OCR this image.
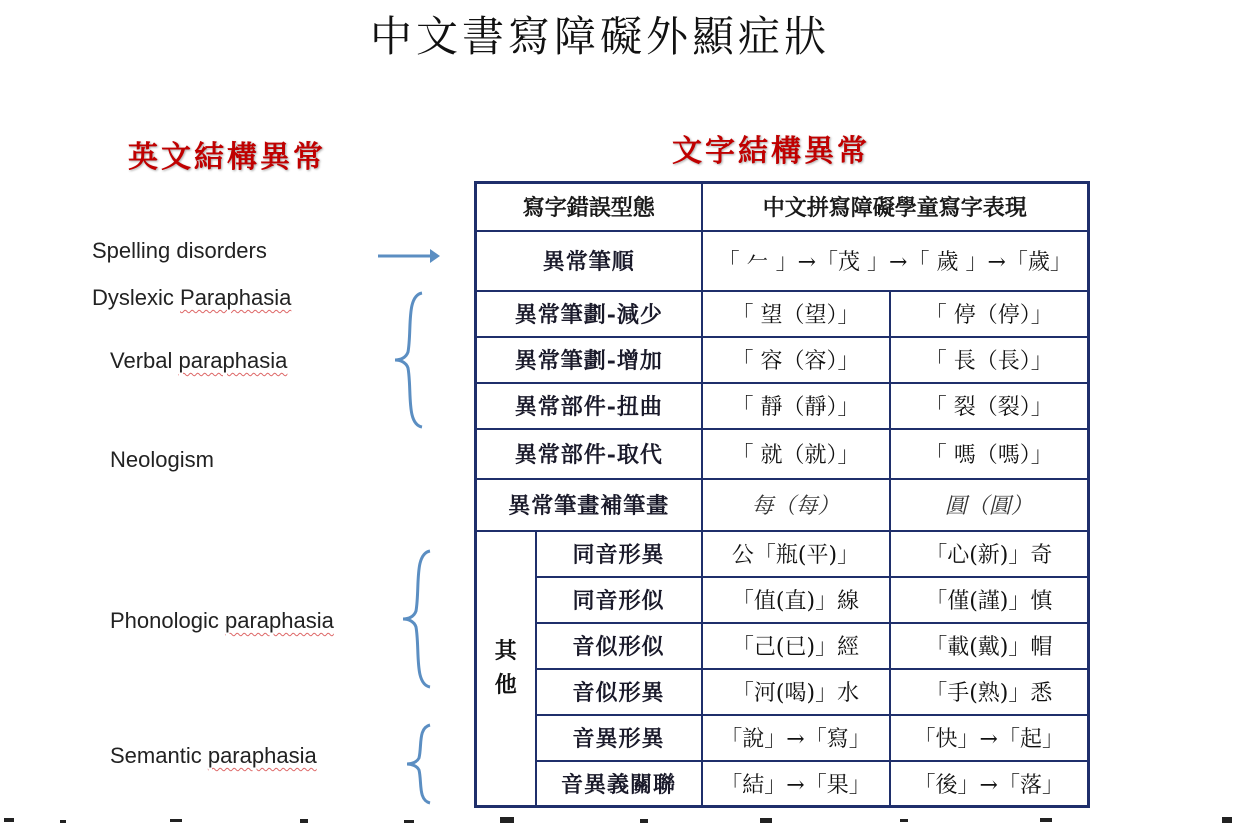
中文書寫障礙外顯症狀
英文結構異常	文字結構異常
Spelling disorders
Dyslexic Paraphasia
Verbal paraphasia
Neologism
Phonologic paraphasia
Semantic paraphasia
寫字錯誤型態		中文拼寫障礙學童寫字表現	
異常筆順		「 𠂉 」→「茂 」→「 歲 」→「歲」	
異常筆劃-減少		「 望（望）」	「 停（停）」
異常筆劃-增加		「 容（容）」	「 長（長）」
異常部件-扭曲		「 靜（靜）」	「 裂（裂）」
異常部件-取代		「 就（就）」	「 嗎（嗎）」
異常筆畫補筆畫		每（每）	圓（圓）
其
他	同音形異	公「瓶(平)」	「心(新)」奇
	同音形似	「值(直)」線	「僅(謹)」慎
	音似形似	「己(已)」經	「載(戴)」帽
	音似形異	「河(喝)」水	「手(熟)」悉
	音異形異	「說」→「寫」	「快」→「起」
	音異義關聯	「結」→「果」	「後」→「落」
